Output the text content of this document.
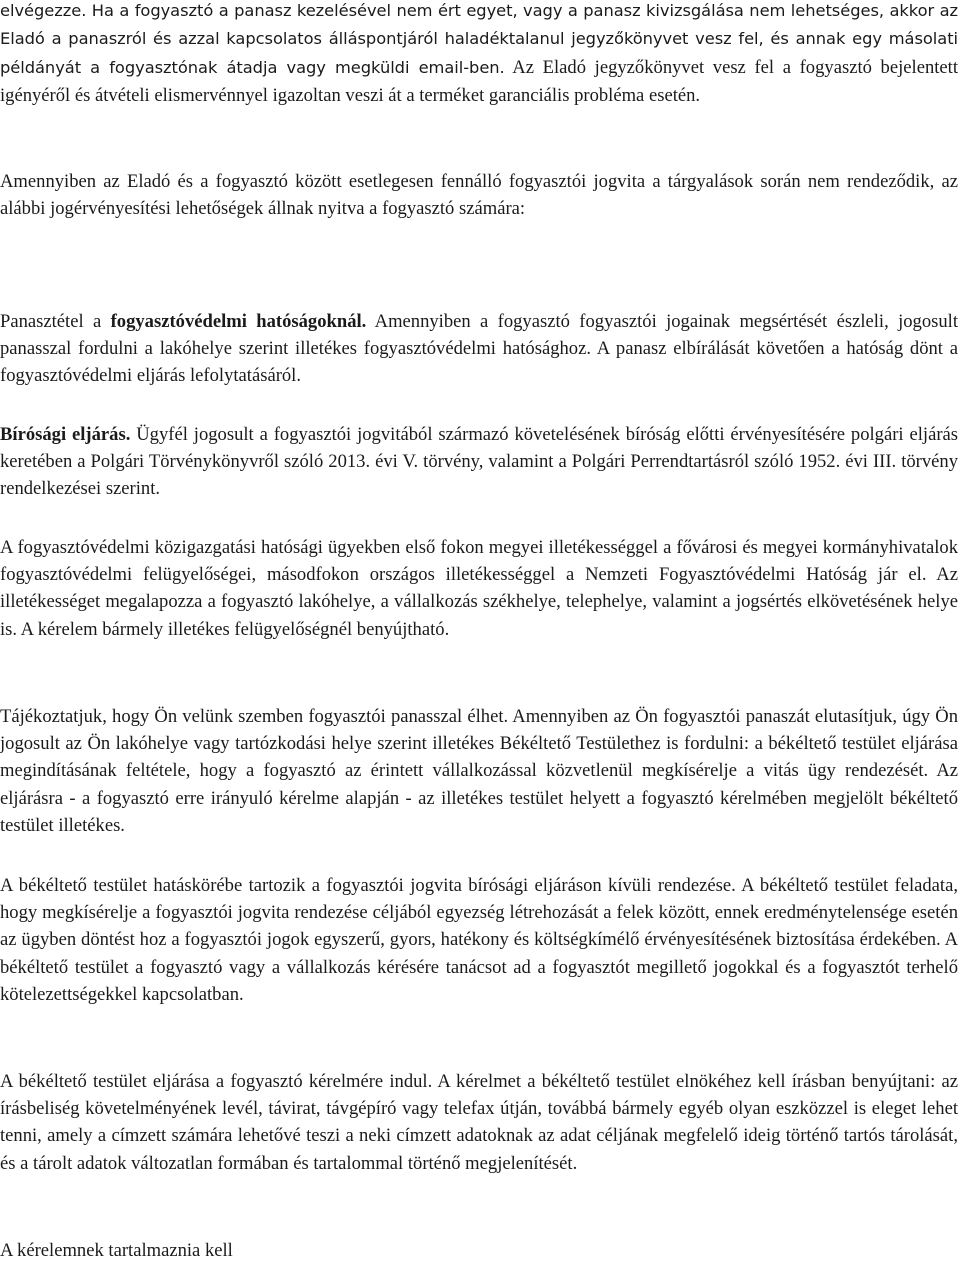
elvégezze. Ha a fogyasztó a panasz kezelésével nem ért egyet, vagy a panasz kivizsgálása nem lehetséges, akkor az Eladó a panaszról és azzal kapcsolatos álláspontjáról haladéktalanul jegyzőkönyvet vesz fel, és annak egy másolati példányát a fogyasztónak átadja vagy megküldi email-ben. Az Eladó jegyzőkönyvet vesz fel a fogyasztó bejelentett igényéről és átvételi elismervénnyel igazoltan veszi át a terméket garanciális probléma esetén.

Amennyiben az Eladó és a fogyasztó között esetlegesen fennálló fogyasztói jogvita a tárgyalások során nem rendeződik, az alábbi jogérvényesítési lehetőségek állnak nyitva a fogyasztó számára:

Panasztétel a fogyasztóvédelmi hatóságoknál. Amennyiben a fogyasztó fogyasztói jogainak megsértését észleli, jogosult panasszal fordulni a lakóhelye szerint illetékes fogyasztóvédelmi hatósághoz. A panasz elbírálását követően a hatóság dönt a fogyasztóvédelmi eljárás lefolytatásáról.

Bírósági eljárás. Ügyfél jogosult a fogyasztói jogvitából származó követelésének bíróság előtti érvényesítésére polgári eljárás keretében a Polgári Törvénykönyvről szóló 2013. évi V. törvény, valamint a Polgári Perrendtartásról szóló 1952. évi III. törvény rendelkezései szerint.

A fogyasztóvédelmi közigazgatási hatósági ügyekben első fokon megyei illetékességgel a fővárosi és megyei kormányhivatalok fogyasztóvédelmi felügyelőségei, másodfokon országos illetékességgel a Nemzeti Fogyasztóvédelmi Hatóság jár el. Az illetékességet megalapozza a fogyasztó lakóhelye, a vállalkozás székhelye, telephelye, valamint a jogsértés elkövetésének helye is. A kérelem bármely illetékes felügyelőségnél benyújtható.

Tájékoztatjuk, hogy Ön velünk szemben fogyasztói panasszal élhet. Amennyiben az Ön fogyasztói panaszát elutasítjuk, úgy Ön jogosult az Ön lakóhelye vagy tartózkodási helye szerint illetékes Békéltető Testülethez is fordulni: a békéltető testület eljárása megindításának feltétele, hogy a fogyasztó az érintett vállalkozással közvetlenül megkísérelje a vitás ügy rendezését. Az eljárásra - a fogyasztó erre irányuló kérelme alapján - az illetékes testület helyett a fogyasztó kérelmében megjelölt békéltető testület illetékes.

A békéltető testület hatáskörébe tartozik a fogyasztói jogvita bírósági eljáráson kívüli rendezése. A békéltető testület feladata, hogy megkísérelje a fogyasztói jogvita rendezése céljából egyezség létrehozását a felek között, ennek eredménytelensége esetén az ügyben döntést hoz a fogyasztói jogok egyszerű, gyors, hatékony és költségkímélő érvényesítésének biztosítása érdekében. A békéltető testület a fogyasztó vagy a vállalkozás kérésére tanácsot ad a fogyasztót megillető jogokkal és a fogyasztót terhelő kötelezettségekkel kapcsolatban.

A békéltető testület eljárása a fogyasztó kérelmére indul. A kérelmet a békéltető testület elnökéhez kell írásban benyújtani: az írásbeliség követelményének levél, távirat, távgépíró vagy telefax útján, továbbá bármely egyéb olyan eszközzel is eleget lehet tenni, amely a címzett számára lehetővé teszi a neki címzett adatoknak az adat céljának megfelelő ideig történő tartós tárolását, és a tárolt adatok változatlan formában és tartalommal történő megjelenítését.

A kérelemnek tartalmaznia kell
